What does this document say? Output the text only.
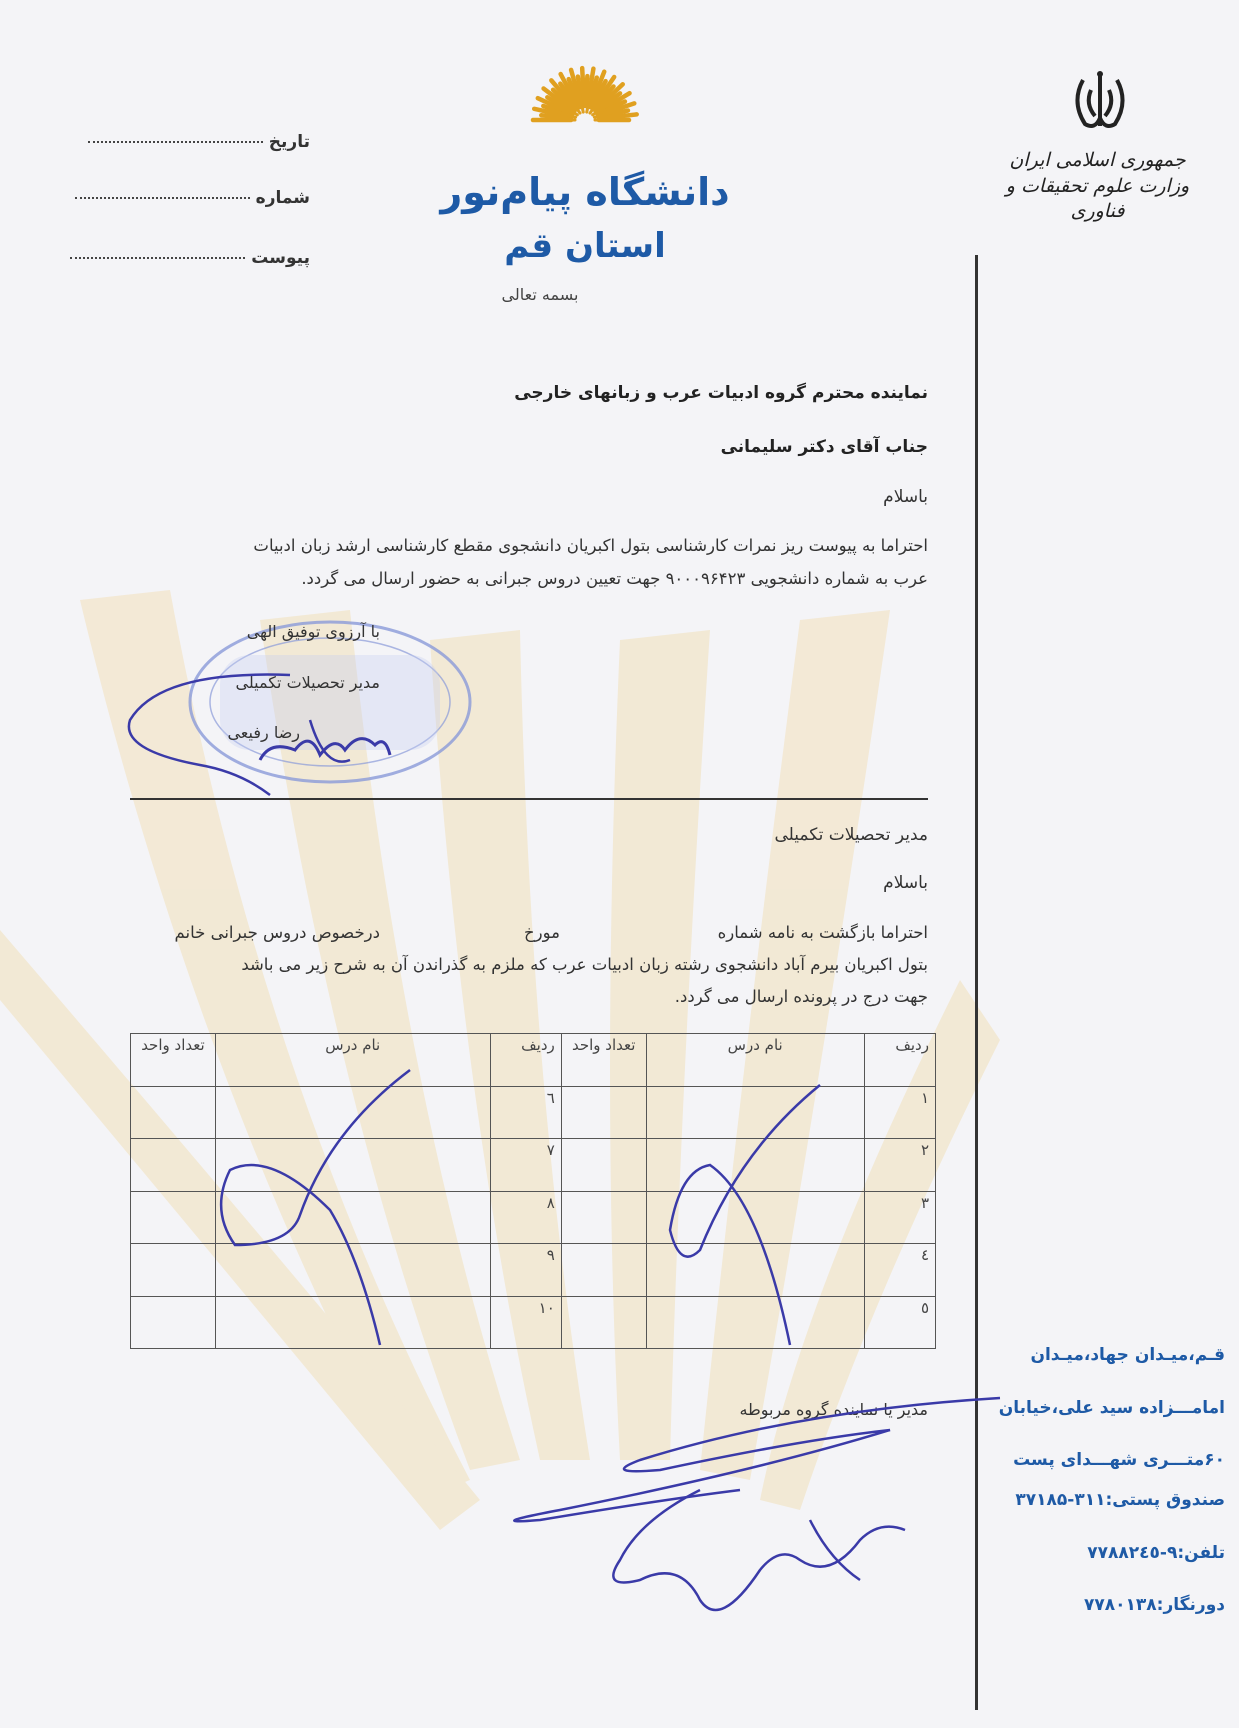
تاریخ
شماره
پیوست
دانشگاه پیام‌نور
استان قم
بسمه تعالی
جمهوری اسلامی ایران
وزارت علوم تحقیقات و فناوری
نماینده محترم گروه ادبیات عرب و زبانهای خارجی
جناب آقای دکتر سلیمانی
باسلام
احتراما به پیوست ریز نمرات کارشناسی بتول اکبریان دانشجوی مقطع کارشناسی ارشد زبان ادبیات
عرب به شماره دانشجویی ۹۰۰۰۹۶۴۲۳ جهت تعیین دروس جبرانی به حضور ارسال می گردد.
با آرزوی توفیق الهی
مدیر تحصیلات تکمیلی
رضا رفیعی
مدیر تحصیلات تکمیلی
باسلام
احتراما بازگشت به نامه شماره
مورخ
درخصوص دروس جبرانی خانم
بتول اکبریان بیرم آباد دانشجوی رشته زبان ادبیات عرب که ملزم به گذراندن آن به شرح زیر می باشد
جهت درج در پرونده ارسال می گردد.
ردیف	نام درس	تعداد واحد	ردیف	نام درس	تعداد واحد
۱			٦		
۲			۷		
۳			۸		
٤			۹		
٥			۱۰		
مدیر یا نماینده گروه مربوطه
قـم،میـدان جهاد،میـدان
امامـــزاده سید علی،خیابان
۶۰متـــری شهـــدای پست
صندوق پستی:۳۱۱-۳۷۱۸۵
تلفن:۹-۷۷۸۸۲٤٥
دورنگار:۷۷۸۰۱۳۸
